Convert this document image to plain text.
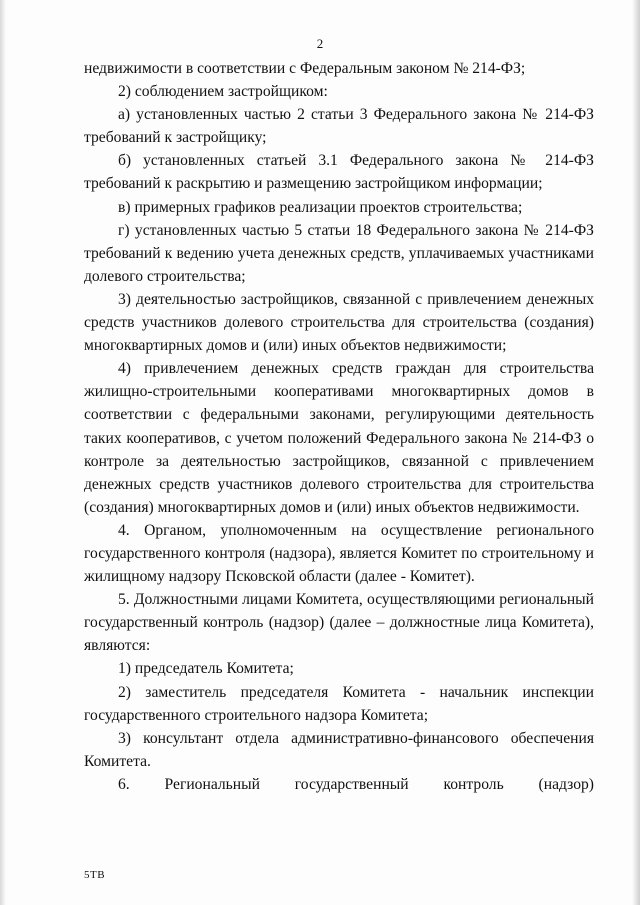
2

недвижимости в соответствии с Федеральным законом № 214-ФЗ;

2) соблюдением застройщиком:

а) установленных частью 2 статьи 3 Федерального закона № 214-ФЗ требований к застройщику;

б) установленных статьей 3.1 Федерального закона № 214-ФЗ требований к раскрытию и размещению застройщиком информации;

в) примерных графиков реализации проектов строительства;

г) установленных частью 5 статьи 18 Федерального закона № 214-ФЗ требований к ведению учета денежных средств, уплачиваемых участниками долевого строительства;

3) деятельностью застройщиков, связанной с привлечением денежных средств участников долевого строительства для строительства (создания) многоквартирных домов и (или) иных объектов недвижимости;

4) привлечением денежных средств граждан для строительства жилищно-строительными кооперативами многоквартирных домов в соответствии с федеральными законами, регулирующими деятельность таких кооперативов, с учетом положений Федерального закона № 214-ФЗ о контроле за деятельностью застройщиков, связанной с привлечением денежных средств участников долевого строительства для строительства (создания) многоквартирных домов и (или) иных объектов недвижимости.

4. Органом, уполномоченным на осуществление регионального государственного контроля (надзора), является Комитет по строительному и жилищному надзору Псковской области (далее - Комитет).

5. Должностными лицами Комитета, осуществляющими региональный государственный контроль (надзор) (далее – должностные лица Комитета), являются:

1) председатель Комитета;

2) заместитель председателя Комитета - начальник инспекции государственного строительного надзора Комитета;

3) консультант отдела административно-финансового обеспечения Комитета.

6. Региональный государственный контроль (надзор)

5ТВ
